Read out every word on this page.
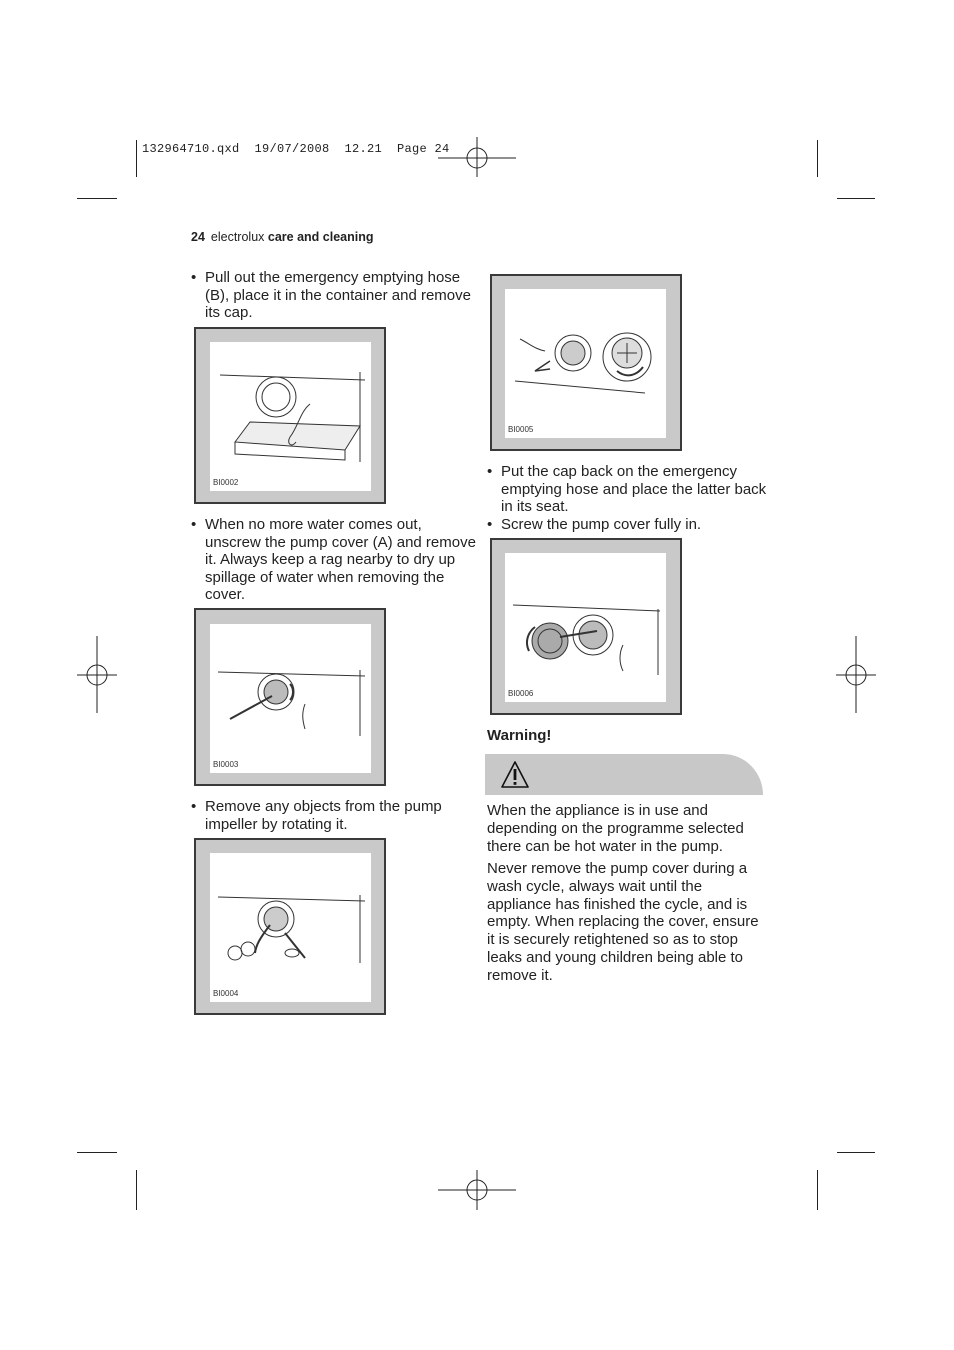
132964710.qxd  19/07/2008  12.21  Page 24
24 electrolux care and cleaning
• Pull out the emergency emptying hose (B), place it in the container and remove its cap.
BI0002
• When no more water comes out, unscrew the pump cover (A) and remove it. Always keep a rag nearby to dry up spillage of water when removing the cover.
BI0003
• Remove any objects from the pump impeller by rotating it.
BI0004
BI0005
• Put the cap back on the emergency emptying hose and place the latter back in its seat.
• Screw the pump cover fully in.
BI0006
Warning!
When the appliance is in use and depending on the programme selected there can be hot water in the pump.
Never remove the pump cover during a wash cycle, always wait until the appliance has finished the cycle, and is empty. When replacing the cover, ensure it is securely retightened so as to stop leaks and young children being able to remove it.
